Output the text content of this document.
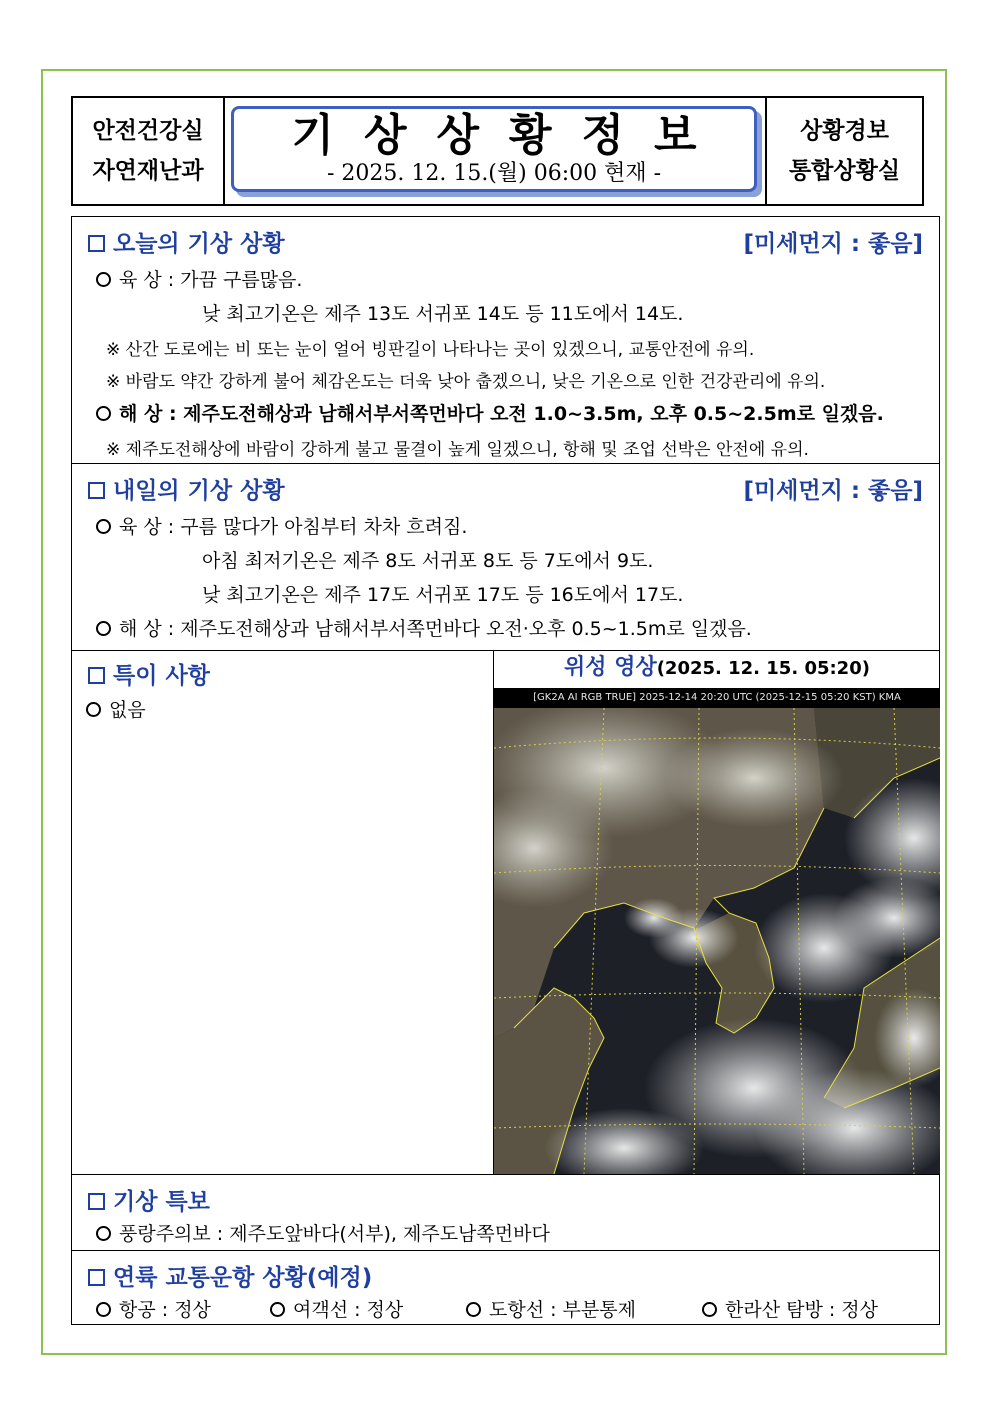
안전건강실
자연재난과
기상상황정보
- 2025. 12. 15.(월) 06:00 현재 -
상황경보
통합상황실
오늘의 기상 상황	[미세먼지 : 좋음]
육 상 : 가끔 구름많음.
낮 최고기온은 제주 13도 서귀포 14도 등 11도에서 14도.
※ 산간 도로에는 비 또는 눈이 얼어 빙판길이 나타나는 곳이 있겠으니, 교통안전에 유의.
※ 바람도 약간 강하게 불어 체감온도는 더욱 낮아 춥겠으니, 낮은 기온으로 인한 건강관리에 유의.
해 상 : 제주도전해상과 남해서부서쪽먼바다 오전 1.0~3.5m, 오후 0.5~2.5m로 일겠음.
※ 제주도전해상에 바람이 강하게 불고 물결이 높게 일겠으니, 항해 및 조업 선박은 안전에 유의.
내일의 기상 상황	[미세먼지 : 좋음]
육 상 : 구름 많다가 아침부터 차차 흐려짐.
아침 최저기온은 제주 8도 서귀포 8도 등 7도에서 9도.
낮 최고기온은 제주 17도 서귀포 17도 등 16도에서 17도.
해 상 : 제주도전해상과 남해서부서쪽먼바다 오전·오후 0.5~1.5m로 일겠음.
특이 사항
없음
위성 영상(2025. 12. 15. 05:20)
[GK2A AI RGB TRUE] 2025-12-14 20:20 UTC (2025-12-15 05:20 KST) KMA
기상 특보
풍랑주의보 : 제주도앞바다(서부), 제주도남쪽먼바다
연륙 교통운항 상황(예정)
항공 : 정상	여객선 : 정상	도항선 : 부분통제	한라산 탐방 : 정상
